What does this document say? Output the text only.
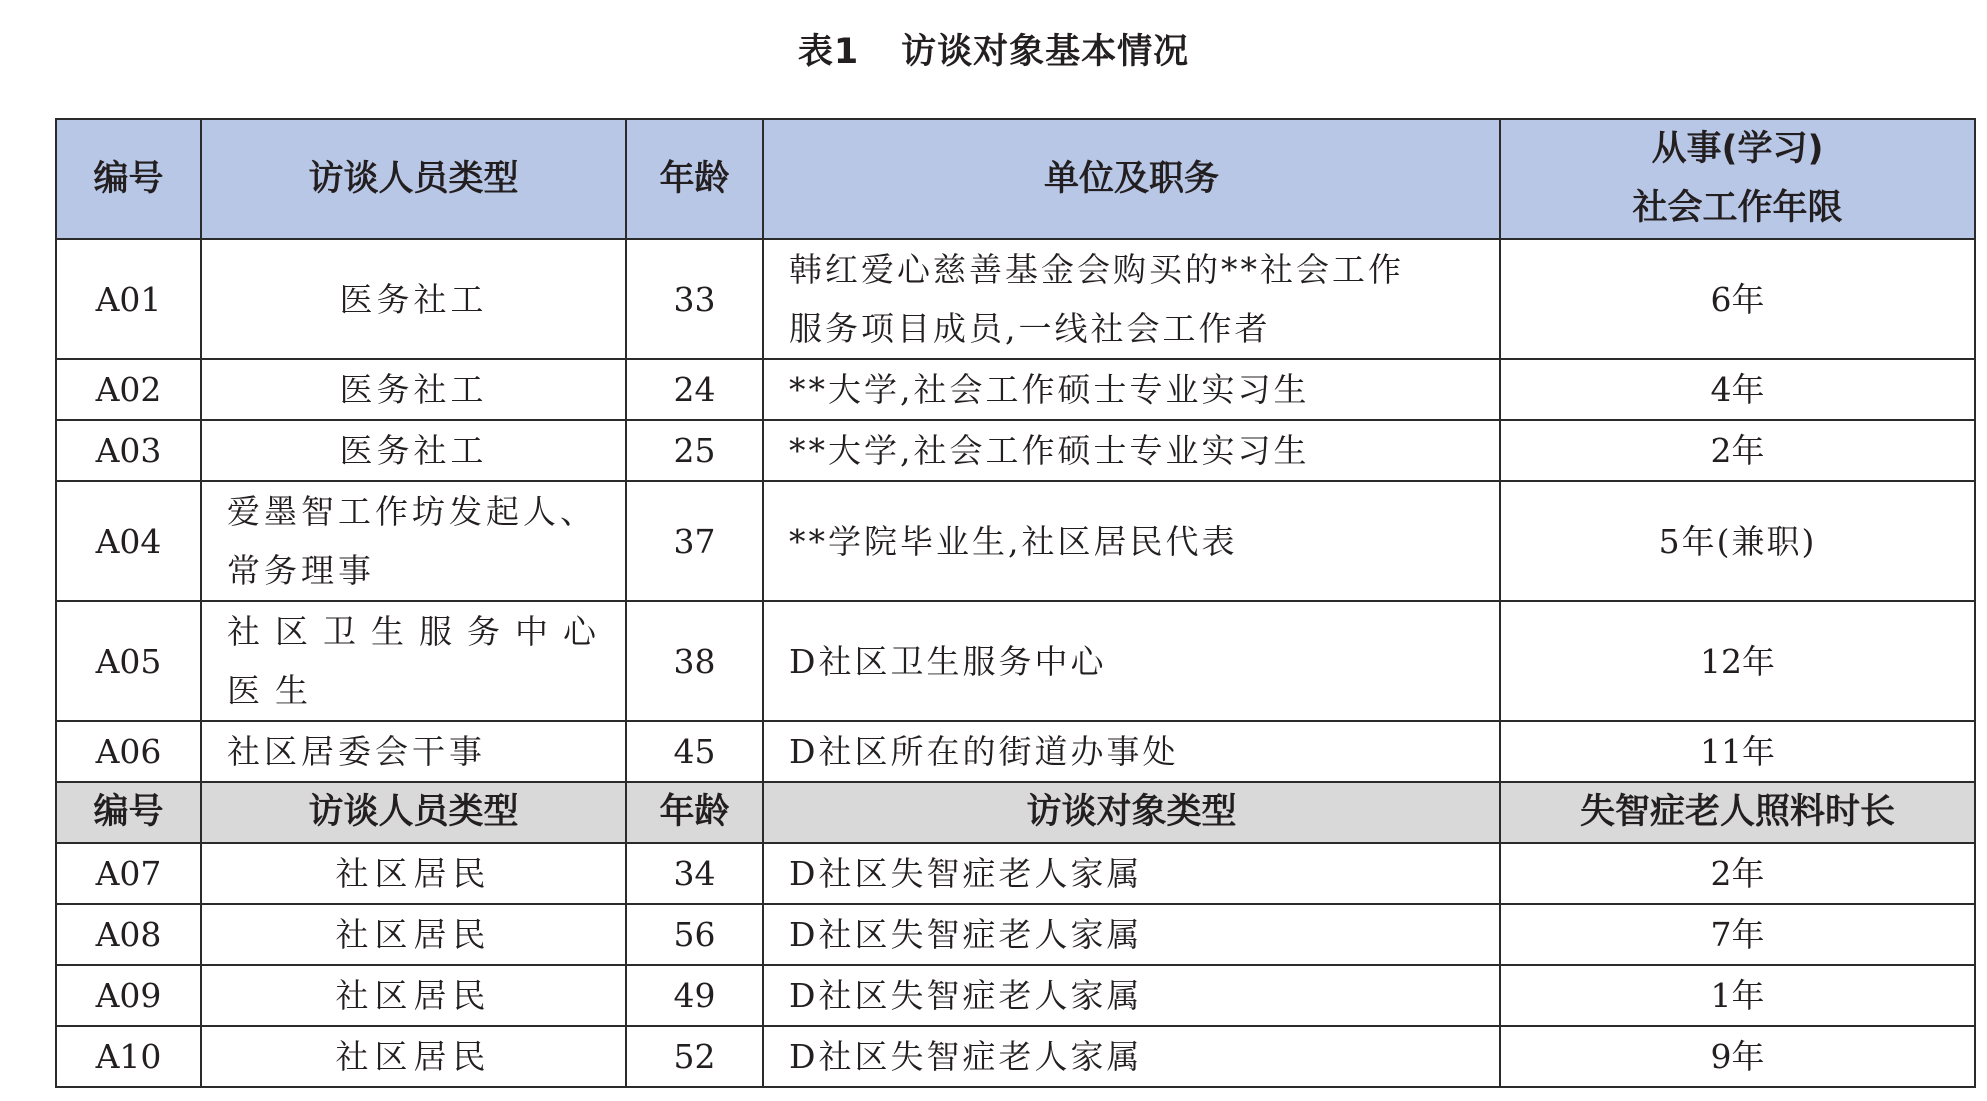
表1 访谈对象基本情况
编号	访谈人员类型	年龄	单位及职务	从事(学习)
社会工作年限

A01	医务社工	33	韩红爱心慈善基金会购买的**社会工作
服务项目成员,一线社会工作者	6年
A02	医务社工	24	**大学,社会工作硕士专业实习生	4年
A03	医务社工	25	**大学,社会工作硕士专业实习生	2年
A04	爱墨智工作坊发起人、
常务理事	37	**学院毕业生,社区居民代表	5年(兼职)
A05	社区卫生服务中心
医生	38	D社区卫生服务中心	12年
A06	社区居委会干事	45	D社区所在的街道办事处	11年
编号	访谈人员类型	年龄	访谈对象类型	失智症老人照料时长
A07	社区居民	34	D社区失智症老人家属	2年
A08	社区居民	56	D社区失智症老人家属	7年
A09	社区居民	49	D社区失智症老人家属	1年
A10	社区居民	52	D社区失智症老人家属	9年
